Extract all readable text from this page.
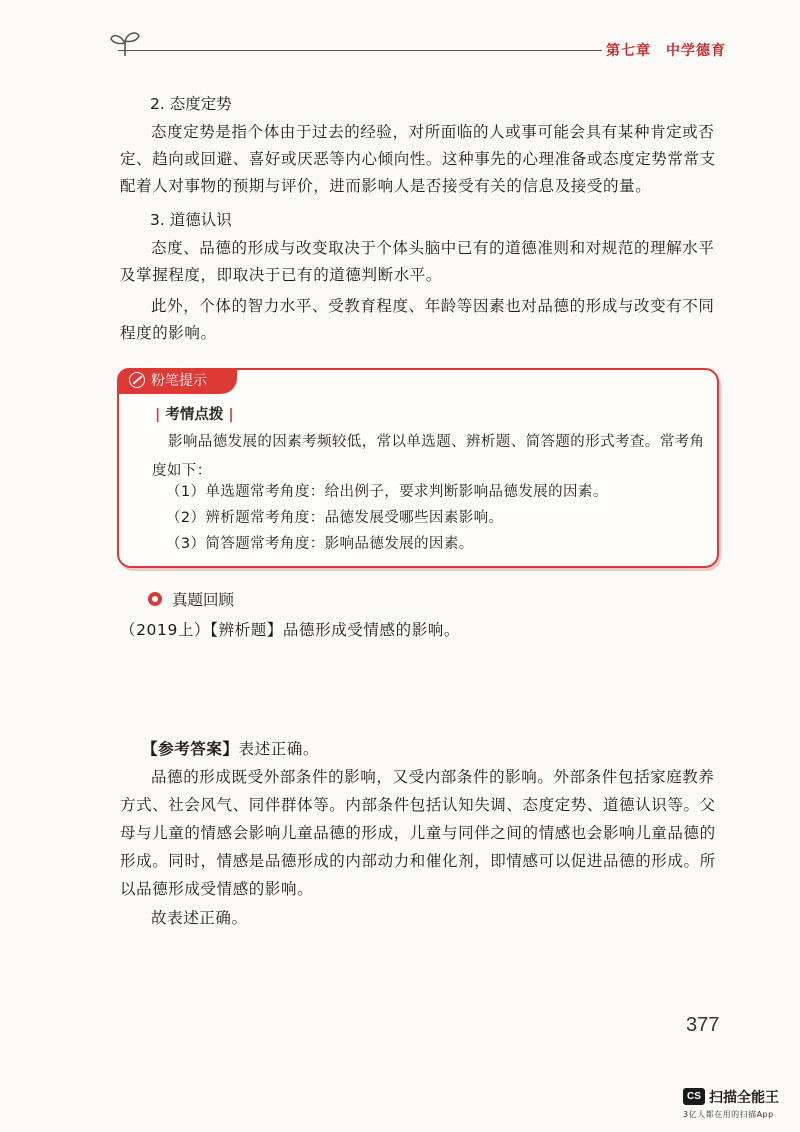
第七章　中学德育
2. 态度定势
态度定势是指个体由于过去的经验，对所面临的人或事可能会具有某种肯定或否定、趋向或回避、喜好或厌恶等内心倾向性。这种事先的心理准备或态度定势常常支配着人对事物的预期与评价，进而影响人是否接受有关的信息及接受的量。
3. 道德认识
态度、品德的形成与改变取决于个体头脑中已有的道德准则和对规范的理解水平及掌握程度，即取决于已有的道德判断水平。
此外，个体的智力水平、受教育程度、年龄等因素也对品德的形成与改变有不同程度的影响。
粉笔提示
| 考情点拨 |
影响品德发展的因素考频较低，常以单选题、辨析题、简答题的形式考查。常考角度如下：
（1）单选题常考角度：给出例子，要求判断影响品德发展的因素。
（2）辨析题常考角度：品德发展受哪些因素影响。
（3）简答题常考角度：影响品德发展的因素。
真题回顾
（2019上）【辨析题】品德形成受情感的影响。
【参考答案】表述正确。
品德的形成既受外部条件的影响，又受内部条件的影响。外部条件包括家庭教养方式、社会风气、同伴群体等。内部条件包括认知失调、态度定势、道德认识等。父母与儿童的情感会影响儿童品德的形成，儿童与同伴之间的情感也会影响儿童品德的形成。同时，情感是品德形成的内部动力和催化剂，即情感可以促进品德的形成。所以品德形成受情感的影响。
故表述正确。
377
CS 扫描全能王
3亿人都在用的扫描App
